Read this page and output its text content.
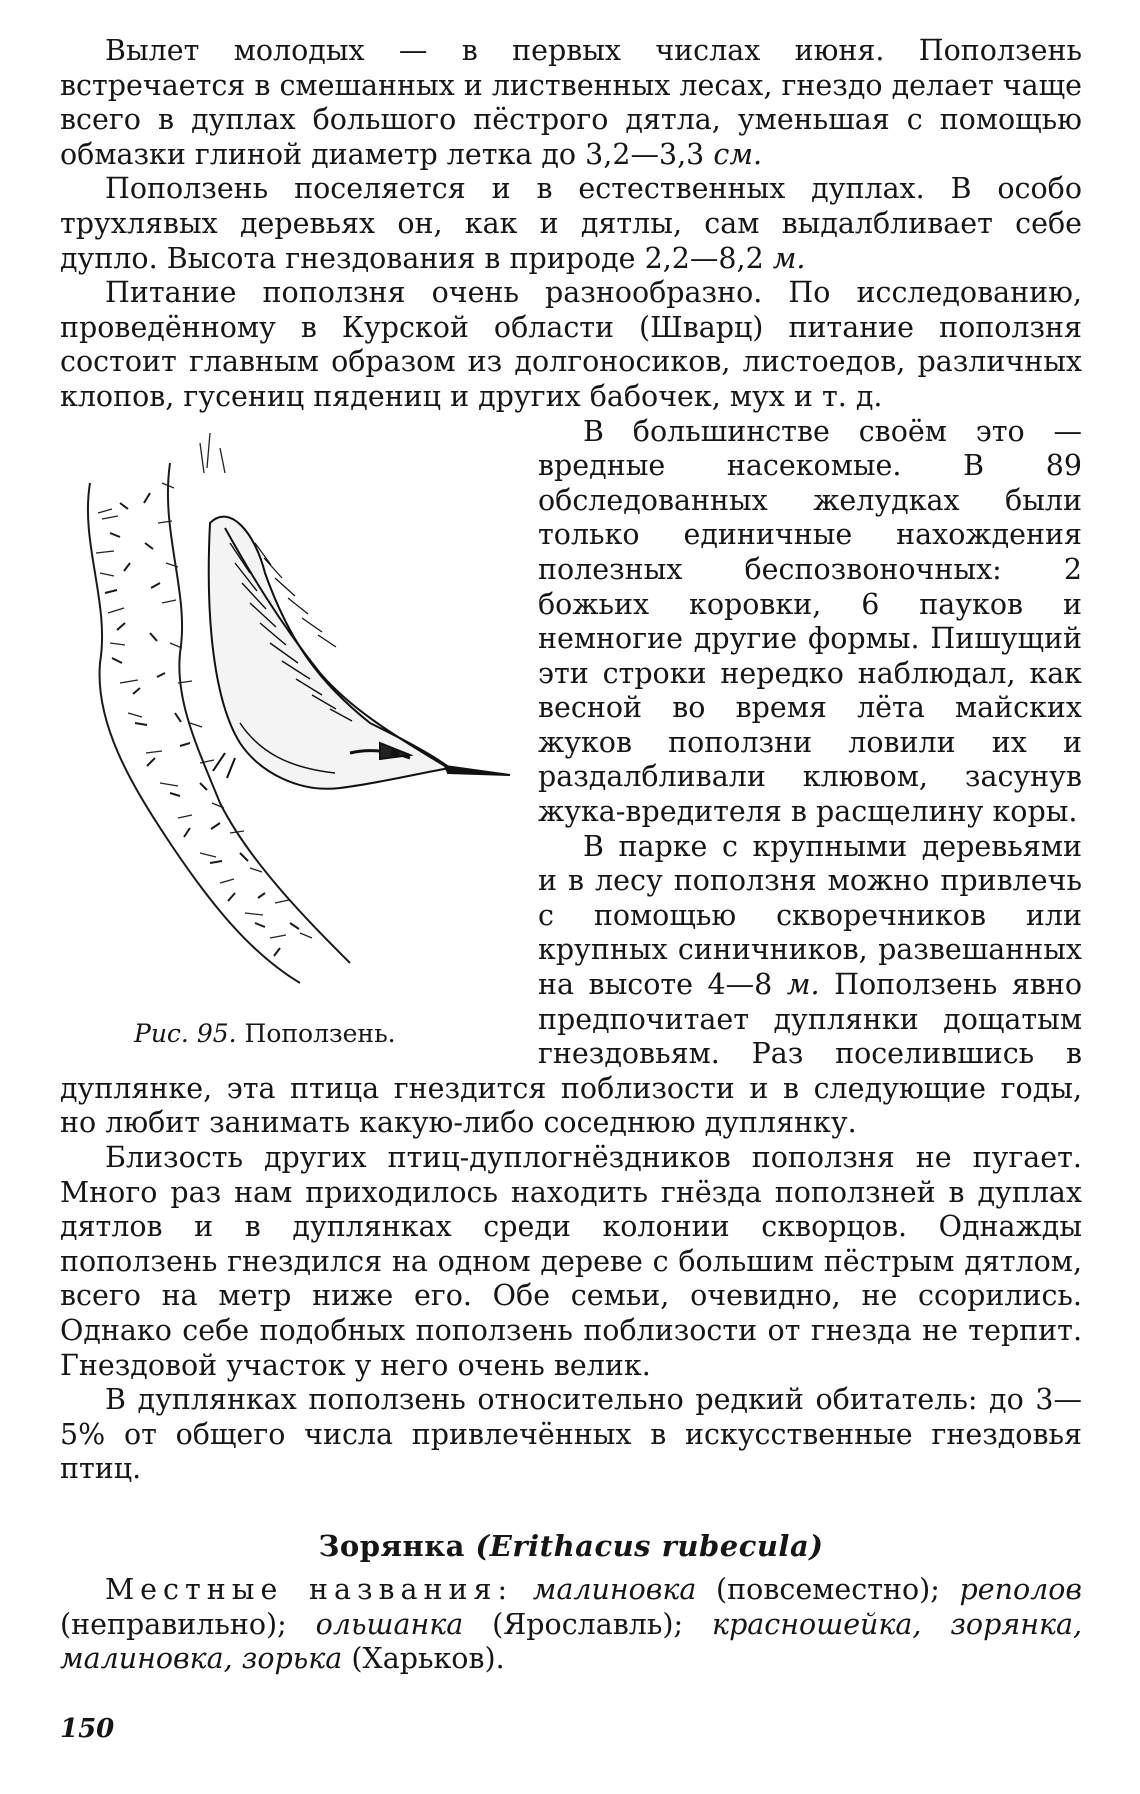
Вылет молодых — в первых числах июня. Поползень встречается в смешанных и лиственных лесах, гнездо делает чаще всего в дуплах большого пёстрого дятла, уменьшая с помощью обмазки глиной диаметр летка до 3,2—3,3 см.

Поползень поселяется и в естественных дуплах. В особо трухлявых деревьях он, как и дятлы, сам выдалбливает себе дупло. Высота гнездования в природе 2,2—8,2 м.

Питание поползня очень разнообразно. По исследованию, проведённому в Курской области (Шварц) питание поползня состоит главным образом из долгоносиков, листоедов, различных клопов, гусениц пядениц и других бабочек, мух и т. д.

Рис. 95. Поползень.

В большинстве своём это — вредные насекомые. В 89 обследованных желудках были только единичные нахождения полезных беспозвоночных: 2 божьих коровки, 6 пауков и немногие другие формы. Пишущий эти строки нередко наблюдал, как весной во время лёта майских жуков поползни ловили их и раздалбливали клювом, засунув жука-вредителя в расщелину коры.

В парке с крупными деревьями и в лесу поползня можно привлечь с помощью скворечников или крупных синичников, развешанных на высоте 4—8 м. Поползень явно предпочитает дуплянки дощатым гнездовьям. Раз поселившись в дуплянке, эта птица гнездится поблизости и в следующие годы, но любит занимать какую-либо соседнюю дуплянку.

Близость других птиц-дуплогнёздников поползня не пугает. Много раз нам приходилось находить гнёзда поползней в дуплах дятлов и в дуплянках среди колонии скворцов. Однажды поползень гнездился на одном дереве с большим пёстрым дятлом, всего на метр ниже его. Обе семьи, очевидно, не ссорились. Однако себе подобных поползень поблизости от гнезда не терпит. Гнездовой участок у него очень велик.

В дуплянках поползень относительно редкий обитатель: до 3—5% от общего числа привлечённых в искусственные гнездовья птиц.

Зорянка (Erithacus rubecula)

Местные названия: малиновка (повсеместно); реполов (неправильно); ольшанка (Ярославль); красношейка, зорянка, малиновка, зорька (Харьков).

150
